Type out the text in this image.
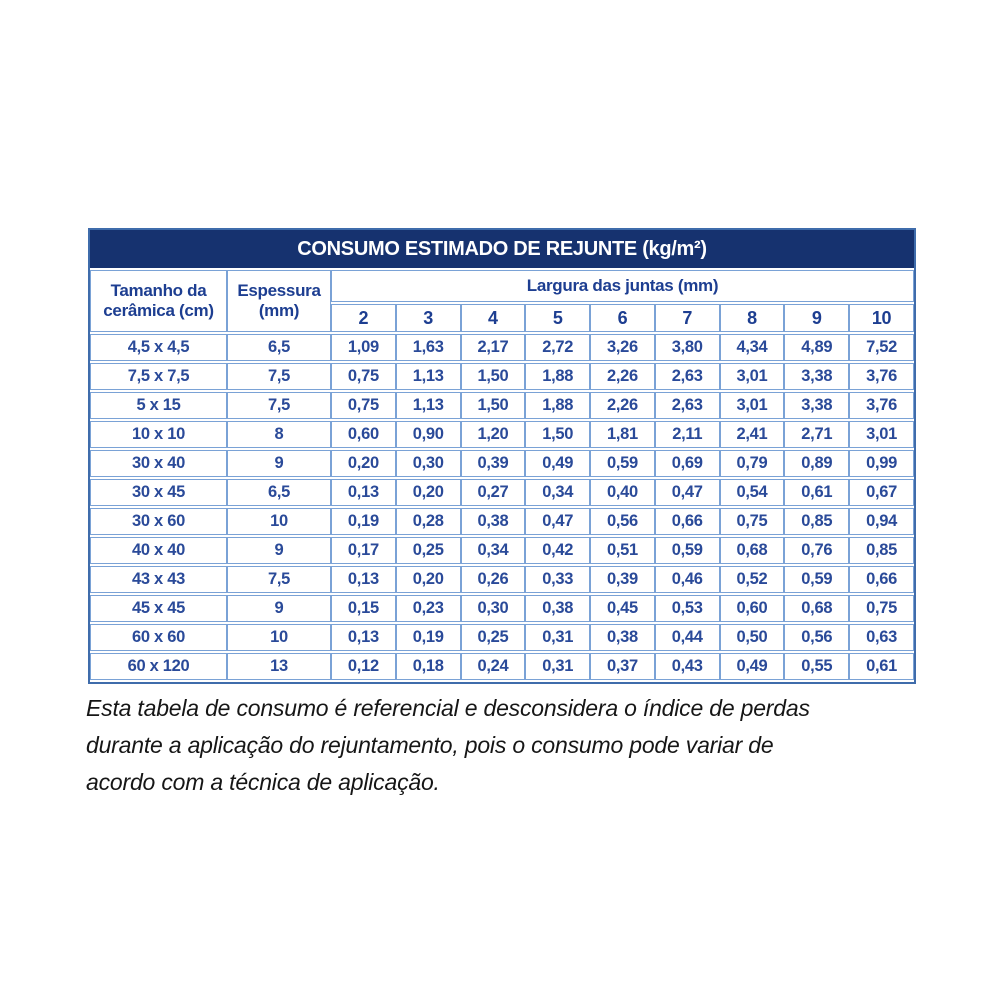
CONSUMO ESTIMADO DE REJUNTE (kg/m²)
Tamanho da cerâmica (cm)	Espessura (mm)	Largura das juntas (mm)								
		2	3	4	5	6	7	8	9	10
4,5 x 4,5	6,5	1,09	1,63	2,17	2,72	3,26	3,80	4,34	4,89	7,52
7,5 x 7,5	7,5	0,75	1,13	1,50	1,88	2,26	2,63	3,01	3,38	3,76
5 x 15	7,5	0,75	1,13	1,50	1,88	2,26	2,63	3,01	3,38	3,76
10 x 10	8	0,60	0,90	1,20	1,50	1,81	2,11	2,41	2,71	3,01
30 x 40	9	0,20	0,30	0,39	0,49	0,59	0,69	0,79	0,89	0,99
30 x 45	6,5	0,13	0,20	0,27	0,34	0,40	0,47	0,54	0,61	0,67
30 x 60	10	0,19	0,28	0,38	0,47	0,56	0,66	0,75	0,85	0,94
40 x 40	9	0,17	0,25	0,34	0,42	0,51	0,59	0,68	0,76	0,85
43 x 43	7,5	0,13	0,20	0,26	0,33	0,39	0,46	0,52	0,59	0,66
45 x 45	9	0,15	0,23	0,30	0,38	0,45	0,53	0,60	0,68	0,75
60 x 60	10	0,13	0,19	0,25	0,31	0,38	0,44	0,50	0,56	0,63
60 x 120	13	0,12	0,18	0,24	0,31	0,37	0,43	0,49	0,55	0,61
Esta tabela de consumo é referencial e desconsidera o índice de perdas
durante a aplicação do rejuntamento, pois o consumo pode variar de
acordo com a técnica de aplicação.
